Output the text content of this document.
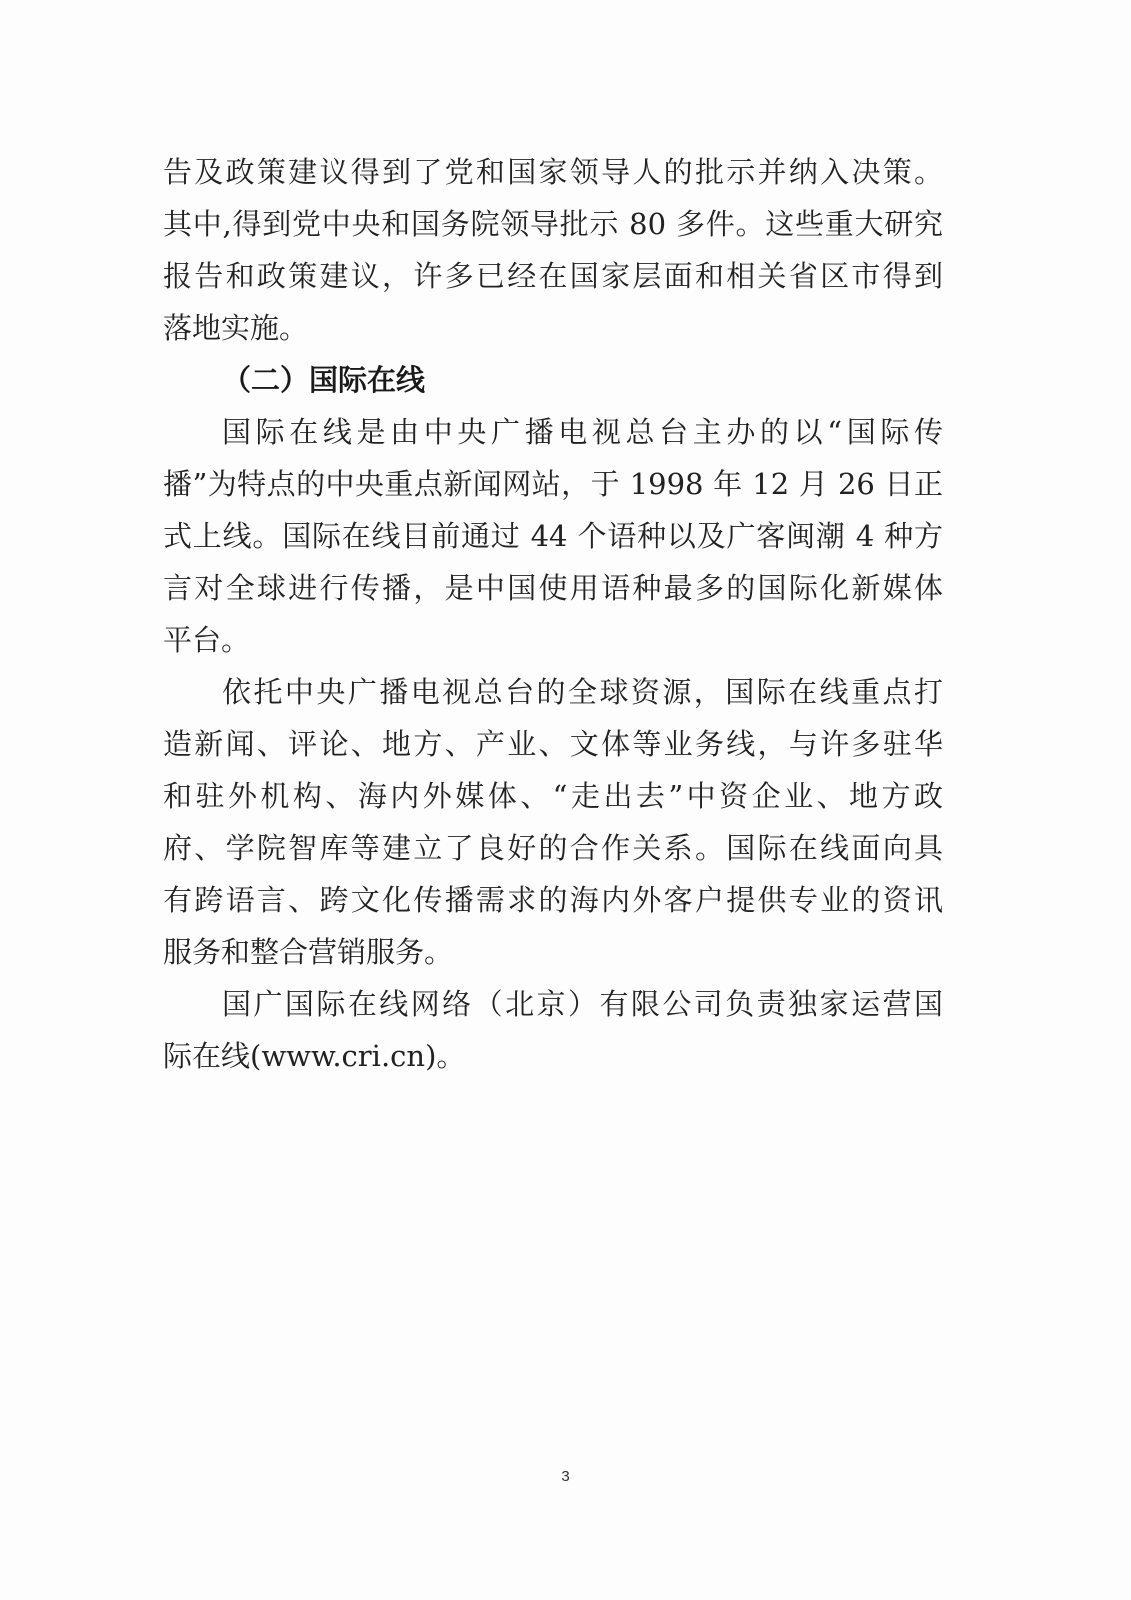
告及政策建议得到了党和国家领导人的批示并纳入决策。
其中,得到党中央和国务院领导批示 80 多件。这些重大研究
报告和政策建议，许多已经在国家层面和相关省区市得到
落地实施。
（二）国际在线
国际在线是由中央广播电视总台主办的以“国际传
播”为特点的中央重点新闻网站，于 1998 年 12 月 26 日正
式上线。国际在线目前通过 44 个语种以及广客闽潮 4 种方
言对全球进行传播，是中国使用语种最多的国际化新媒体
平台。
依托中央广播电视总台的全球资源，国际在线重点打
造新闻、评论、地方、产业、文体等业务线，与许多驻华
和驻外机构、海内外媒体、“走出去”中资企业、地方政
府、学院智库等建立了良好的合作关系。国际在线面向具
有跨语言、跨文化传播需求的海内外客户提供专业的资讯
服务和整合营销服务。
国广国际在线网络（北京）有限公司负责独家运营国
际在线(www.cri.cn)。
3
